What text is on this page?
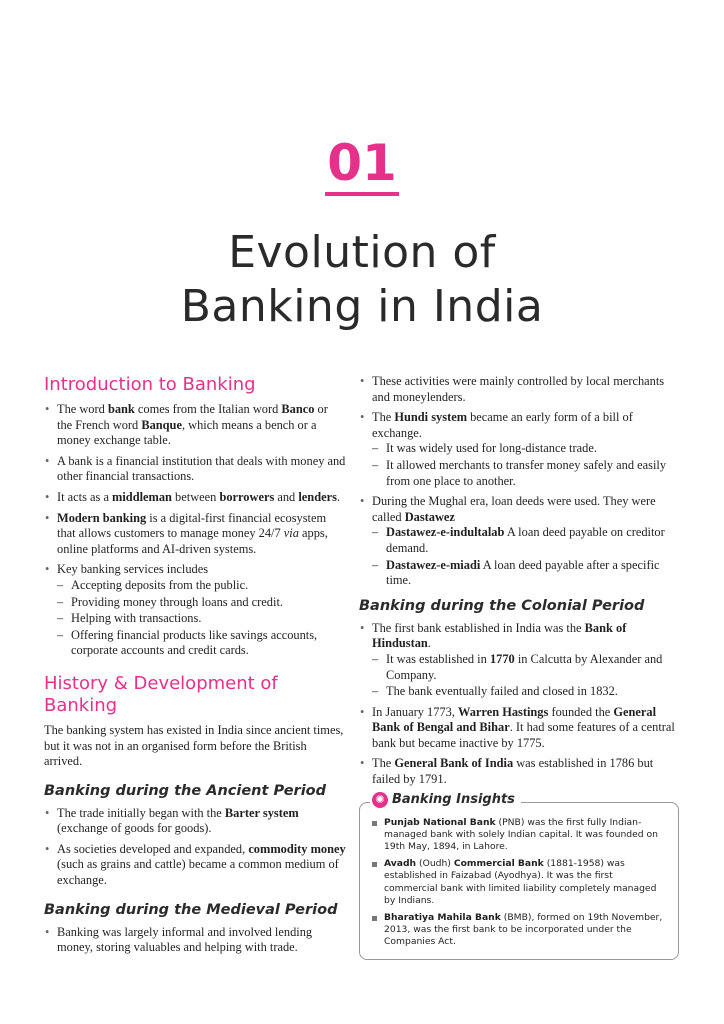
01
Evolution of
Banking in India
Introduction to Banking
• The word bank comes from the Italian word Banco or the French word Banque, which means a bench or a money exchange table.
• A bank is a financial institution that deals with money and other financial transactions.
• It acts as a middleman between borrowers and lenders.
• Modern banking is a digital-first financial ecosystem that allows customers to manage money 24/7 via apps, online platforms and AI-driven systems.
• Key banking services includes
– Accepting deposits from the public.
– Providing money through loans and credit.
– Helping with transactions.
– Offering financial products like savings accounts, corporate accounts and credit cards.
History & Development of Banking

The banking system has existed in India since ancient times, but it was not in an organised form before the British arrived.

Banking during the Ancient Period
• The trade initially began with the Barter system (exchange of goods for goods).
• As societies developed and expanded, commodity money (such as grains and cattle) became a common medium of exchange.
Banking during the Medieval Period
• Banking was largely informal and involved lending money, storing valuables and helping with trade.
• These activities were mainly controlled by local merchants and moneylenders.
• The Hundi system became an early form of a bill of exchange.
– It was widely used for long-distance trade.
– It allowed merchants to transfer money safely and easily from one place to another.
• During the Mughal era, loan deeds were used. They were called Dastawez
– Dastawez-e-indultalab A loan deed payable on creditor demand.
– Dastawez-e-miadi A loan deed payable after a specific time.
Banking during the Colonial Period
• The first bank established in India was the Bank of Hindustan.
– It was established in 1770 in Calcutta by Alexander and Company.
– The bank eventually failed and closed in 1832.
• In January 1773, Warren Hastings founded the General Bank of Bengal and Bihar. It had some features of a central bank but became inactive by 1775.
• The General Bank of India was established in 1786 but failed by 1791.
✺ Banking Insights
Punjab National Bank (PNB) was the first fully Indian-managed bank with solely Indian capital. It was founded on 19th May, 1894, in Lahore.
Avadh (Oudh) Commercial Bank (1881-1958) was established in Faizabad (Ayodhya). It was the first commercial bank with limited liability completely managed by Indians.
Bharatiya Mahila Bank (BMB), formed on 19th November, 2013, was the first bank to be incorporated under the Companies Act.
